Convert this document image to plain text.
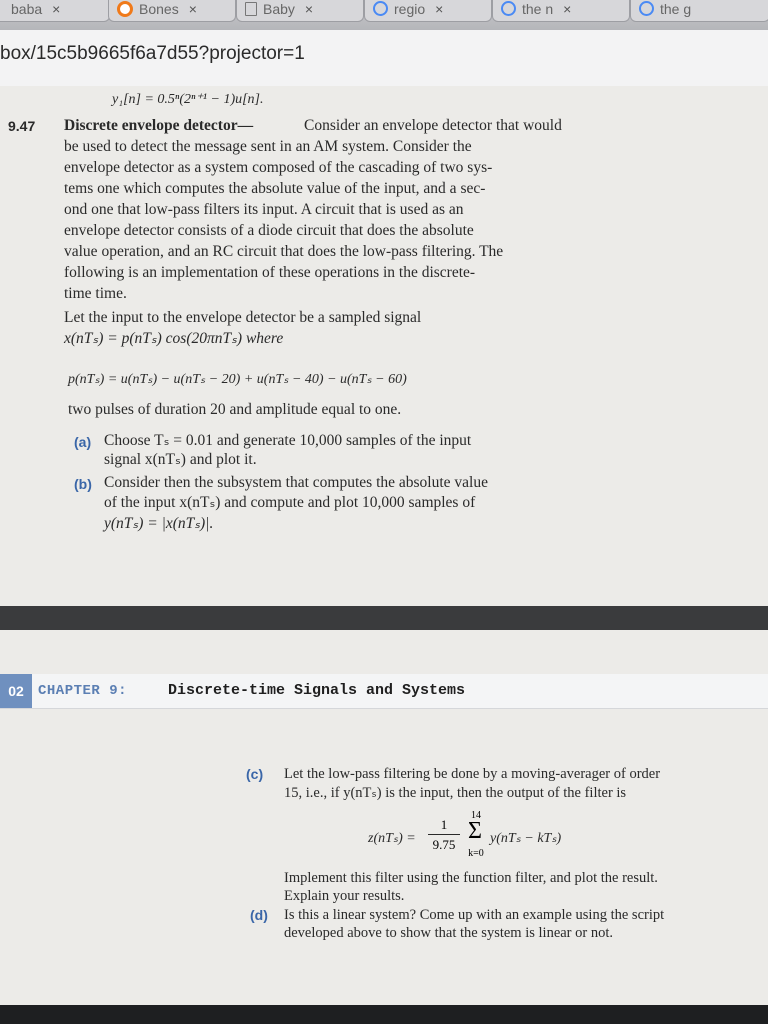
baba ×	Bones ×	Baby ×	regio ×	the n ×	the g
box/15c5b9665f6a7d55?projector=1
y₁[n] = 0.5ⁿ(2ⁿ⁺¹ − 1)u[n].
9.47 Discrete envelope detector—	Consider an envelope detector that would
be used to detect the message sent in an AM system. Consider the
envelope detector as a system composed of the cascading of two sys-
tems one which computes the absolute value of the input, and a sec-
ond one that low-pass filters its input. A circuit that is used as an
envelope detector consists of a diode circuit that does the absolute
value operation, and an RC circuit that does the low-pass filtering. The
following is an implementation of these operations in the discrete-
time time.
Let the input to the envelope detector be a sampled signal
x(nTₛ) = p(nTₛ) cos(20πnTₛ) where
p(nTₛ) = u(nTₛ) − u(nTₛ − 20) + u(nTₛ − 40) − u(nTₛ − 60)
two pulses of duration 20 and amplitude equal to one.
(a) Choose Tₛ = 0.01 and generate 10,000 samples of the input
signal x(nTₛ) and plot it.
(b) Consider then the subsystem that computes the absolute value
of the input x(nTₛ) and compute and plot 10,000 samples of
y(nTₛ) = |x(nTₛ)|.
02	CHAPTER 9:	Discrete-time Signals and Systems
(c) Let the low-pass filtering be done by a moving-averager of order
15, i.e., if y(nTₛ) is the input, then the output of the filter is
z(nTₛ) =
1
9.75
14
Σ
k=0
y(nTₛ − kTₛ)
Implement this filter using the function filter, and plot the result.
Explain your results.
(d) Is this a linear system? Come up with an example using the script
developed above to show that the system is linear or not.
